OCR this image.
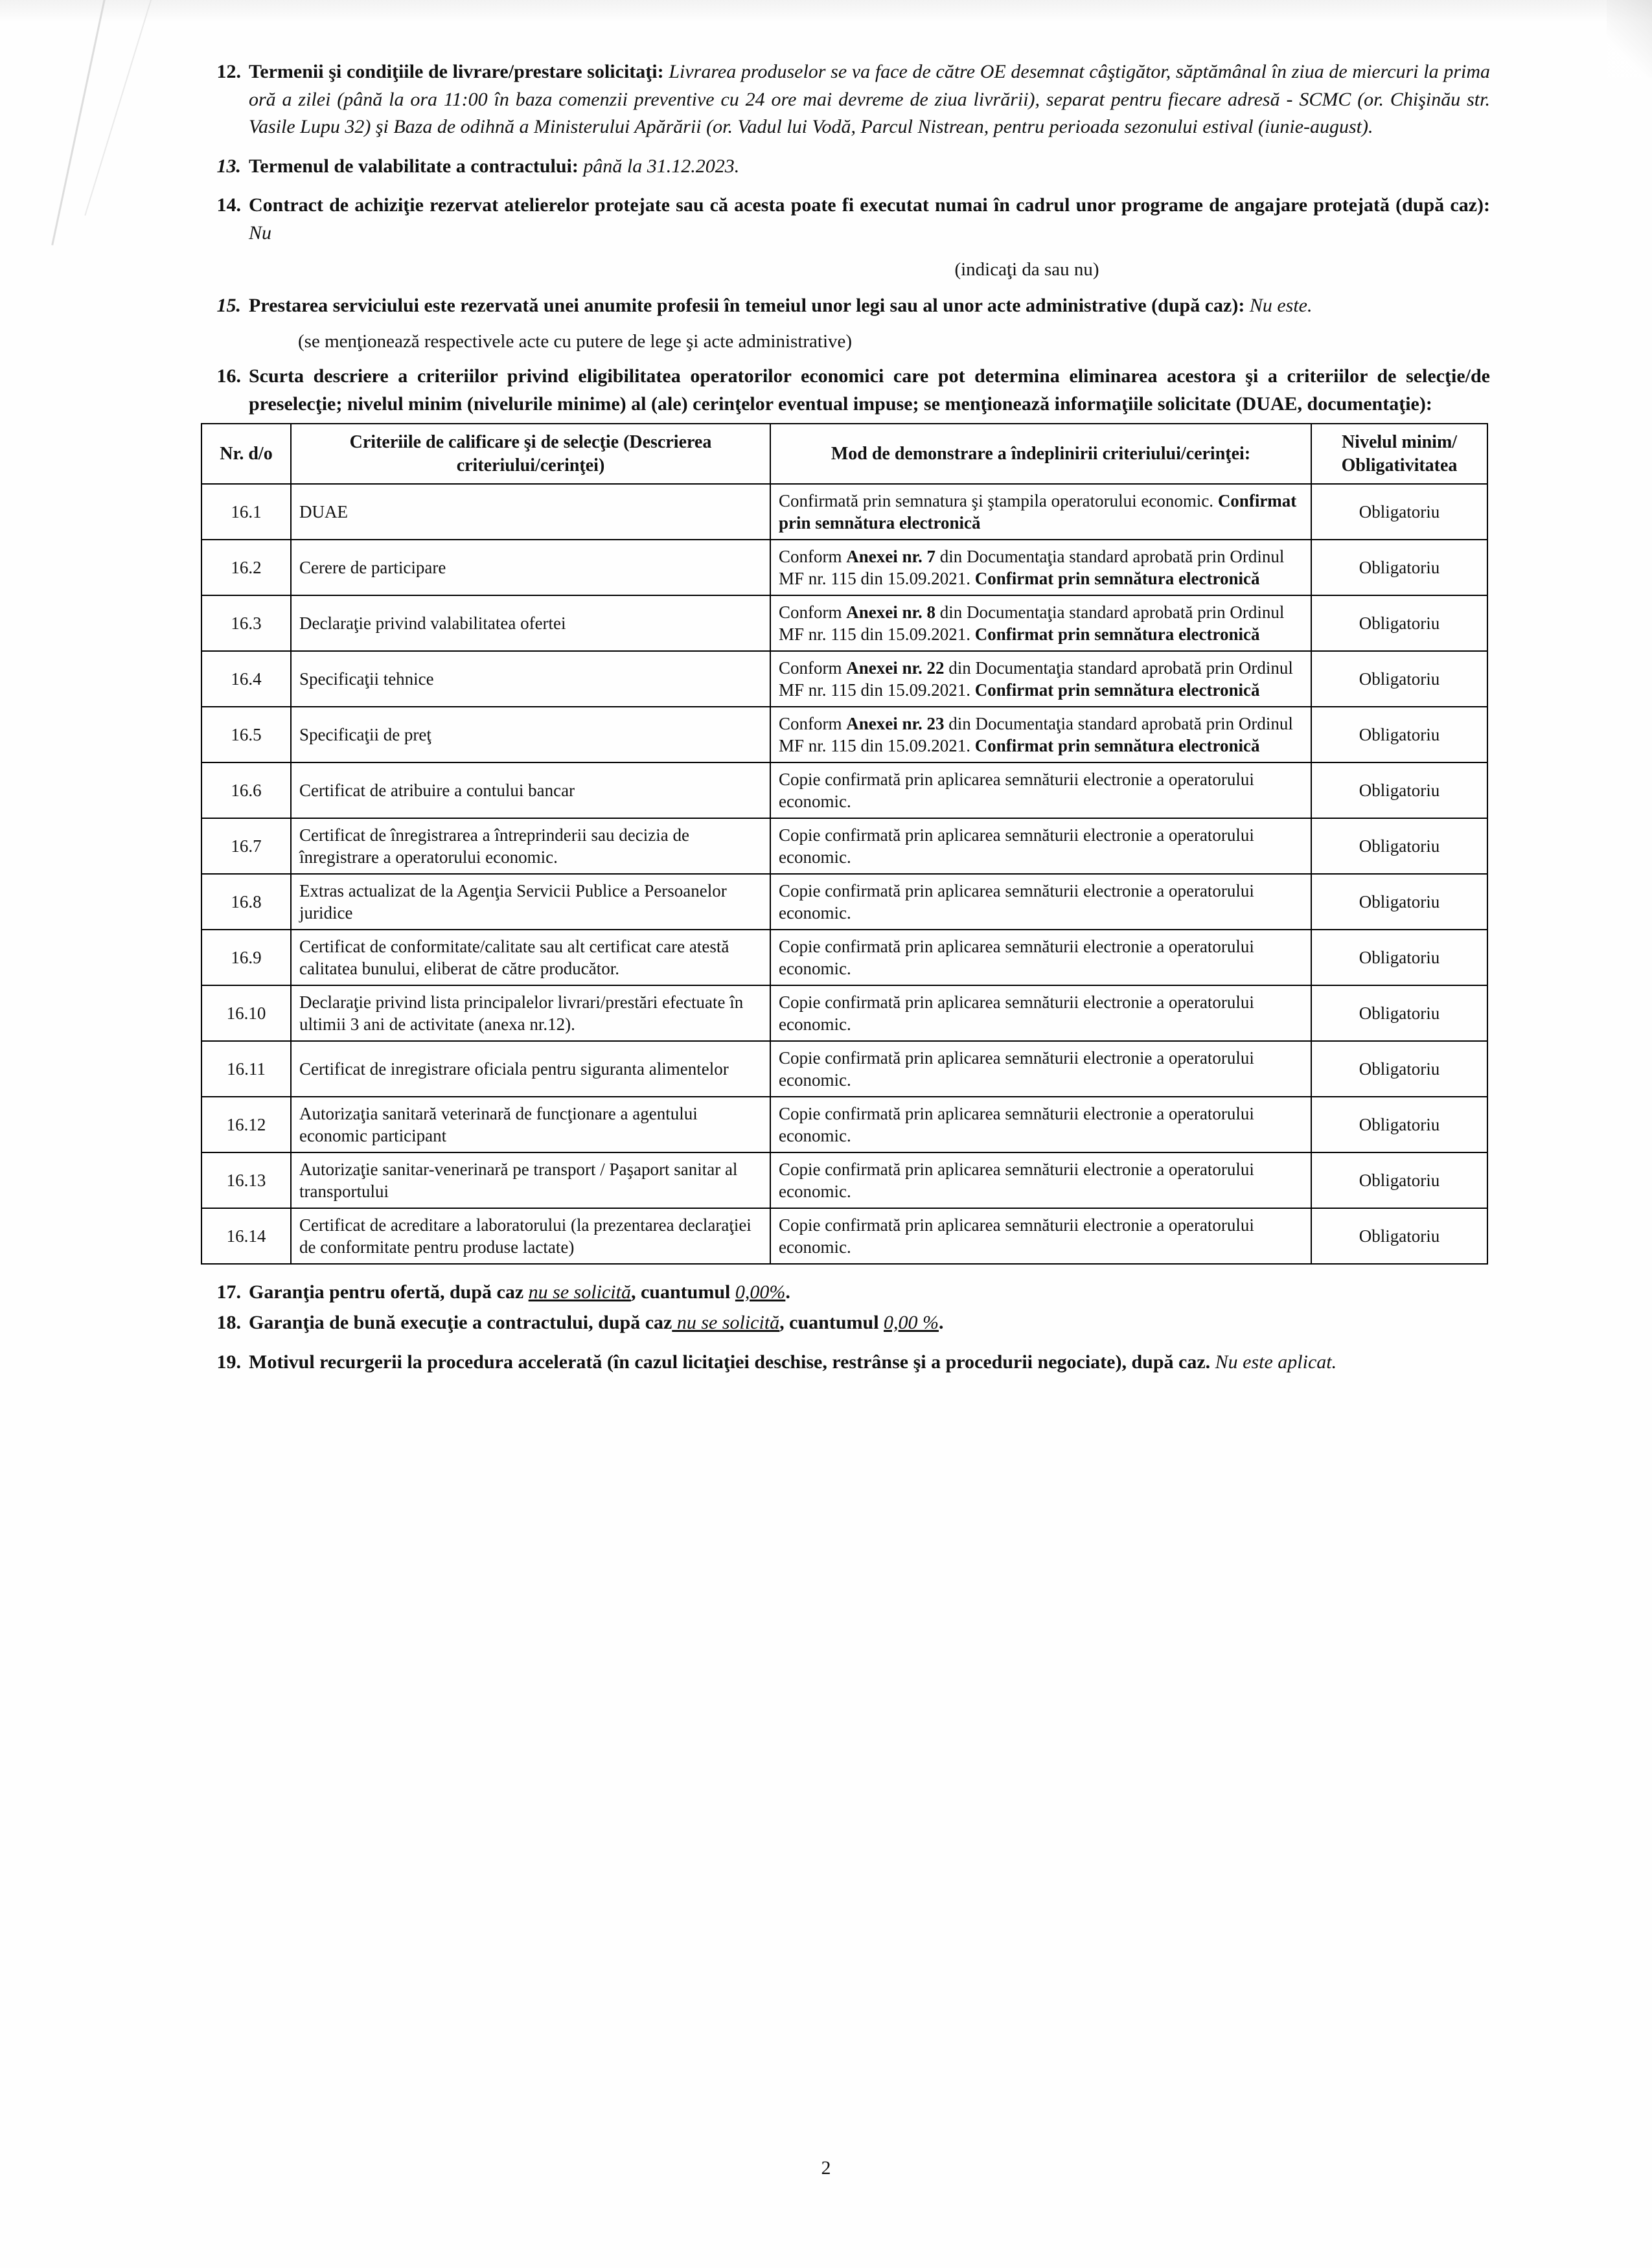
12. Termenii şi condiţiile de livrare/prestare solicitaţi: Livrarea produselor se va face de către OE desemnat câştigător, săptămânal în ziua de miercuri la prima oră a zilei (până la ora 11:00 în baza comenzii preventive cu 24 ore mai devreme de ziua livrării), separat pentru fiecare adresă - SCMC (or. Chişinău str. Vasile Lupu 32) şi Baza de odihnă a Ministerului Apărării (or. Vadul lui Vodă, Parcul Nistrean, pentru perioada sezonului estival (iunie-august).
13. Termenul de valabilitate a contractului: până la 31.12.2023.
14. Contract de achiziţie rezervat atelierelor protejate sau că acesta poate fi executat numai în cadrul unor programe de angajare protejată (după caz): Nu
(indicaţi da sau nu)
15. Prestarea serviciului este rezervată unei anumite profesii în temeiul unor legi sau al unor acte administrative (după caz): Nu este.
(se menţionează respectivele acte cu putere de lege şi acte administrative)
16. Scurta descriere a criteriilor privind eligibilitatea operatorilor economici care pot determina eliminarea acestora şi a criteriilor de selecţie/de preselecţie; nivelul minim (nivelurile minime) al (ale) cerinţelor eventual impuse; se menţionează informaţiile solicitate (DUAE, documentaţie):
Nr. d/o	Criteriile de calificare şi de selecţie (Descrierea criteriului/cerinţei)	Mod de demonstrare a îndeplinirii criteriului/cerinţei:	Nivelul minim/ Obligativitatea
16.1	DUAE	Confirmată prin semnatura şi ştampila operatorului economic. Confirmat prin semnătura electronică	Obligatoriu
16.2	Cerere de participare	Conform Anexei nr. 7 din Documentaţia standard aprobată prin Ordinul MF nr. 115 din 15.09.2021. Confirmat prin semnătura electronică	Obligatoriu
16.3	Declaraţie privind valabilitatea ofertei	Conform Anexei nr. 8 din Documentaţia standard aprobată prin Ordinul MF nr. 115 din 15.09.2021. Confirmat prin semnătura electronică	Obligatoriu
16.4	Specificaţii tehnice	Conform Anexei nr. 22 din Documentaţia standard aprobată prin Ordinul MF nr. 115 din 15.09.2021. Confirmat prin semnătura electronică	Obligatoriu
16.5	Specificaţii de preţ	Conform Anexei nr. 23 din Documentaţia standard aprobată prin Ordinul MF nr. 115 din 15.09.2021. Confirmat prin semnătura electronică	Obligatoriu
16.6	Certificat de atribuire a contului bancar	Copie confirmată prin aplicarea semnăturii electronie a operatorului economic.	Obligatoriu
16.7	Certificat de înregistrarea a întreprinderii sau decizia de înregistrare a operatorului economic.	Copie confirmată prin aplicarea semnăturii electronie a operatorului economic.	Obligatoriu
16.8	Extras actualizat de la Agenţia Servicii Publice a Persoanelor juridice	Copie confirmată prin aplicarea semnăturii electronie a operatorului economic.	Obligatoriu
16.9	Certificat de conformitate/calitate sau alt certificat care atestă calitatea bunului, eliberat de către producător.	Copie confirmată prin aplicarea semnăturii electronie a operatorului economic.	Obligatoriu
16.10	Declaraţie privind lista principalelor livrari/prestări efectuate în ultimii 3 ani de activitate (anexa nr.12).	Copie confirmată prin aplicarea semnăturii electronie a operatorului economic.	Obligatoriu
16.11	Certificat de inregistrare oficiala pentru siguranta alimentelor	Copie confirmată prin aplicarea semnăturii electronie a operatorului economic.	Obligatoriu
16.12	Autorizaţia sanitară veterinară de funcţionare a agentului economic participant	Copie confirmată prin aplicarea semnăturii electronie a operatorului economic.	Obligatoriu
16.13	Autorizaţie sanitar-venerinară pe transport / Paşaport sanitar al transportului	Copie confirmată prin aplicarea semnăturii electronie a operatorului economic.	Obligatoriu
16.14	Certificat de acreditare a laboratorului (la prezentarea declaraţiei de conformitate pentru produse lactate)	Copie confirmată prin aplicarea semnăturii electronie a operatorului economic.	Obligatoriu
17. Garanţia pentru ofertă, după caz nu se solicită, cuantumul 0,00%.
18. Garanţia de bună execuţie a contractului, după caz nu se solicită, cuantumul 0,00 %.
19. Motivul recurgerii la procedura accelerată (în cazul licitaţiei deschise, restrânse şi a procedurii negociate), după caz. Nu este aplicat.
2
